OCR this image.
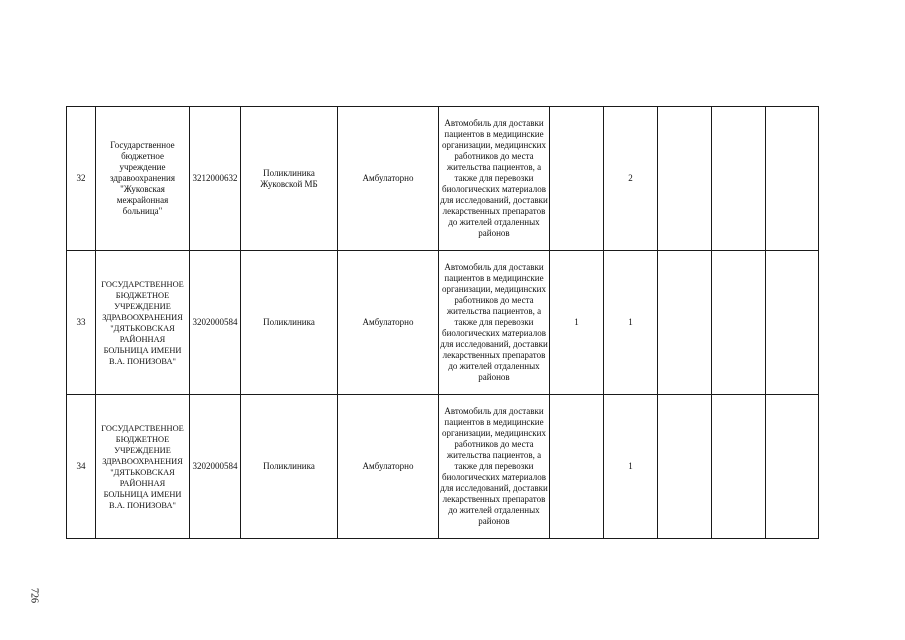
32	Государственное бюджетное учреждение здравоохранения "Жуковская межрайонная больница"	3212000632	Поликлиника Жуковской МБ	Амбулаторно	Автомобиль для доставки пациентов в медицинские организации, медицинских работников до места жительства пациентов, а также для перевозки биологических материалов для исследований, доставки лекарственных препаратов до жителей отдаленных районов		2			
33	ГОСУДАРСТВЕННОЕ БЮДЖЕТНОЕ УЧРЕЖДЕНИЕ ЗДРАВООХРАНЕНИЯ "ДЯТЬКОВСКАЯ РАЙОННАЯ БОЛЬНИЦА ИМЕНИ В.А. ПОНИЗОВА"	3202000584	Поликлиника	Амбулаторно	Автомобиль для доставки пациентов в медицинские организации, медицинских работников до места жительства пациентов, а также для перевозки биологических материалов для исследований, доставки лекарственных препаратов до жителей отдаленных районов	1	1			
34	ГОСУДАРСТВЕННОЕ БЮДЖЕТНОЕ УЧРЕЖДЕНИЕ ЗДРАВООХРАНЕНИЯ "ДЯТЬКОВСКАЯ РАЙОННАЯ БОЛЬНИЦА ИМЕНИ В.А. ПОНИЗОВА"	3202000584	Поликлиника	Амбулаторно	Автомобиль для доставки пациентов в медицинские организации, медицинских работников до места жительства пациентов, а также для перевозки биологических материалов для исследований, доставки лекарственных препаратов до жителей отдаленных районов		1			
726
